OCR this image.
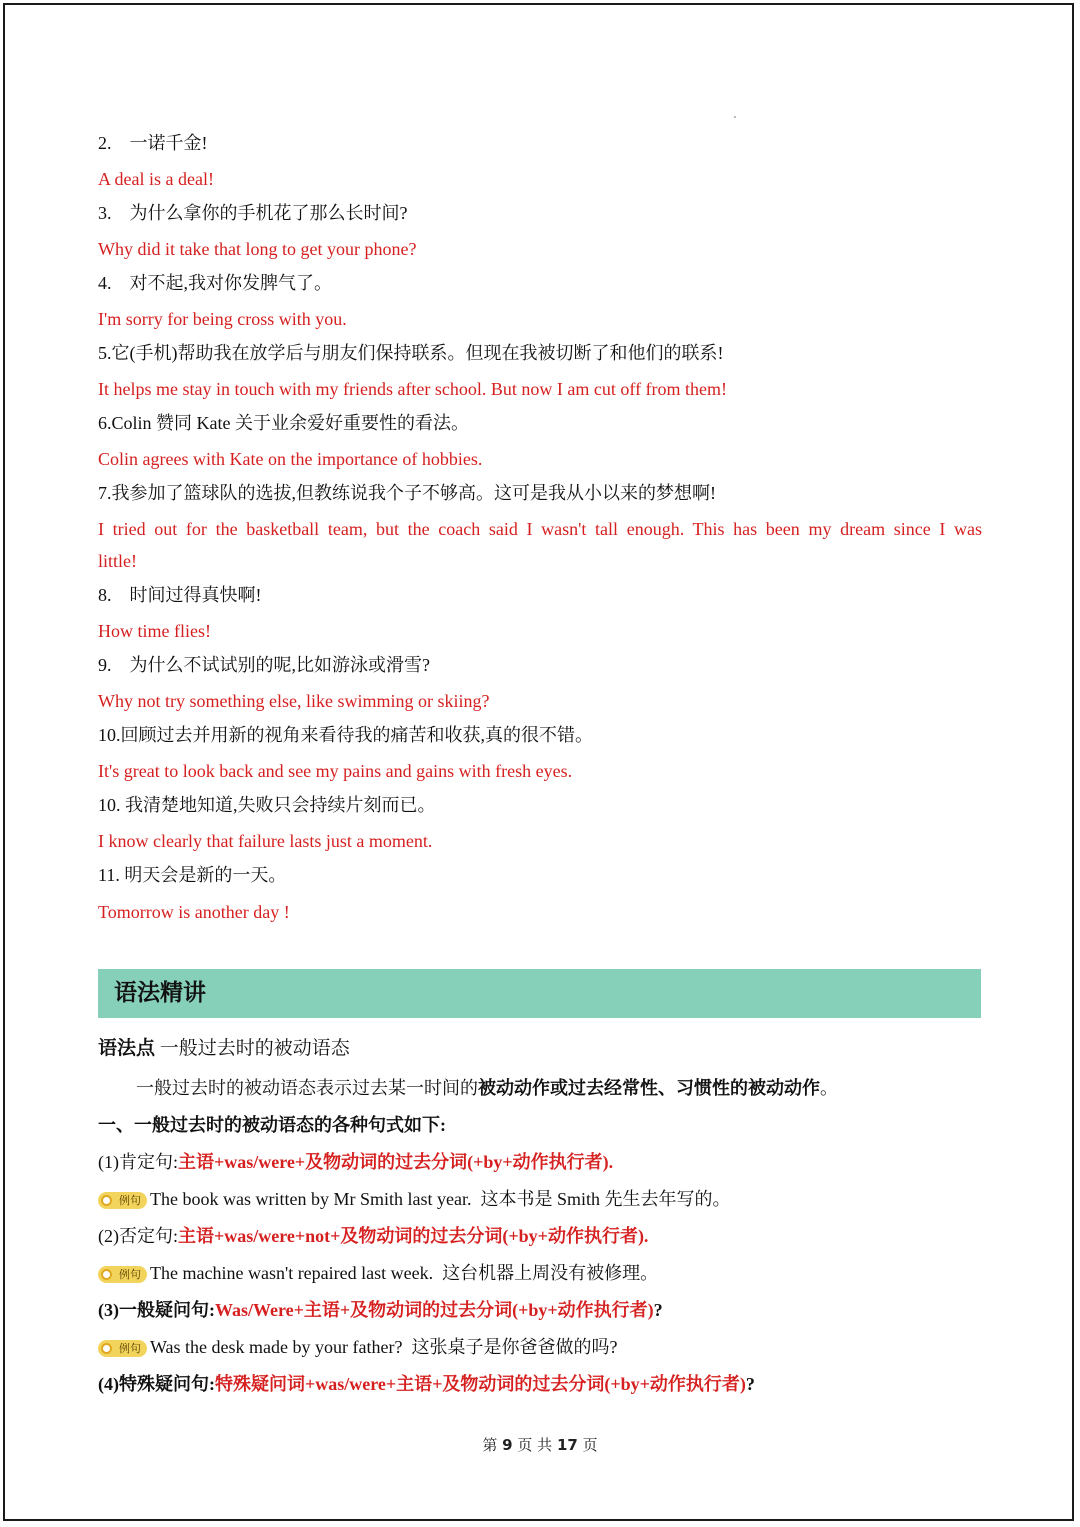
2.　一诺千金!
A deal is a deal!
3.　为什么拿你的手机花了那么长时间?
Why did it take that long to get your phone?
4.　对不起,我对你发脾气了。
I'm sorry for being cross with you.
5.它(手机)帮助我在放学后与朋友们保持联系。但现在我被切断了和他们的联系!
It helps me stay in touch with my friends after school. But now I am cut off from them!
6.Colin 赞同 Kate 关于业余爱好重要性的看法。
Colin agrees with Kate on the importance of hobbies.
7.我参加了篮球队的选拔,但教练说我个子不够高。这可是我从小以来的梦想啊!
I tried out for the basketball team, but the coach said I wasn't tall enough. This has been my dream since I was
little!
8.　时间过得真快啊!
How time flies!
9.　为什么不试试别的呢,比如游泳或滑雪?
Why not try something else, like swimming or skiing?
10.回顾过去并用新的视角来看待我的痛苦和收获,真的很不错。
It's great to look back and see my pains and gains with fresh eyes.
10. 我清楚地知道,失败只会持续片刻而已。
I know clearly that failure lasts just a moment.
11. 明天会是新的一天。
Tomorrow is another day !
语法精讲
语法点 一般过去时的被动语态
一般过去时的被动语态表示过去某一时间的被动动作或过去经常性、习惯性的被动动作。
一、一般过去时的被动语态的各种句式如下:
(1)肯定句:主语+was/were+及物动词的过去分词(+by+动作执行者).
例句 The book was written by Mr Smith last year. 这本书是 Smith 先生去年写的。
(2)否定句:主语+was/were+not+及物动词的过去分词(+by+动作执行者).
例句 The machine wasn't repaired last week. 这台机器上周没有被修理。
(3)一般疑问句:Was/Were+主语+及物动词的过去分词(+by+动作执行者)?
例句 Was the desk made by your father? 这张桌子是你爸爸做的吗?
(4)特殊疑问句:特殊疑问词+was/were+主语+及物动词的过去分词(+by+动作执行者)?
第 9 页 共 17 页
